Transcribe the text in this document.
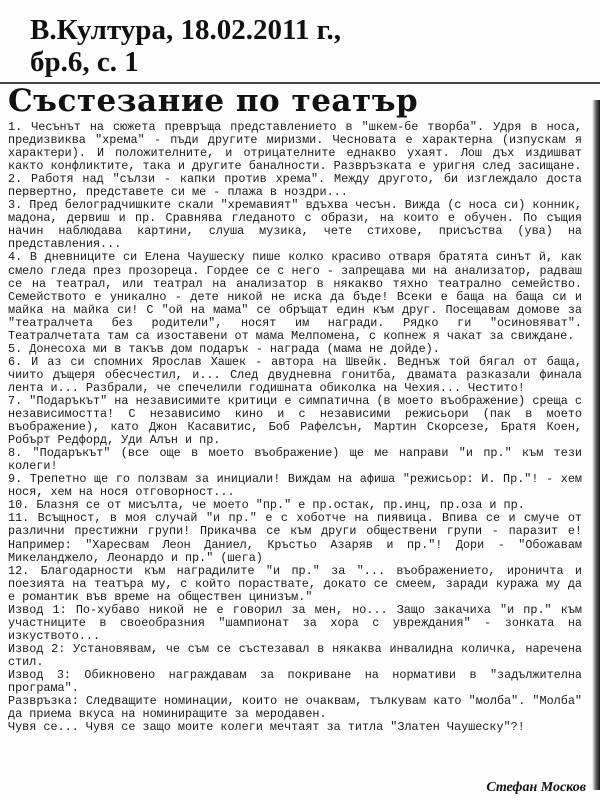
В.Култура, 18.02.2011 г.,
бр.6, с. 1
Състезание по театър

1. Чесънът на сюжета превръща представлението в "шкем-бе творба". Удря в носа, предизвиква "хрема" - пъди другите миризми. Чесновата е характерна (изпускам я характери). И положителните, и отрицателните еднакво ухаят. Лош дъх издишват както конфликтите, така и другите баналности. Развръзката е уригня след засищане.

2. Работя над "сълзи - капки против хрема". Между другото, би изглеждало доста первертно, представете си ме - плажа в ноздри...

3. Пред белоградчишките скали "хремавият" вдъхва чесън. Вижда (с носа си) конник, мадона, дервиш и пр. Сравнява гледаното с образи, на които е обучен. По същия начин наблюдава картини, слуша музика, чете стихове, присъства (ува) на представления...

4. В дневниците си Елена Чаушеску пише колко красиво отваря братята синът й, как смело гледа през прозореца. Гордее се с него - запрещава ми на анализатор, радваш се на театрал, или театрал на анализатор в някакво тяхно театрално семейство. Семейството е уникално - дете никой не иска да бъде! Всеки е баща на баща си и майка на майка си! С "ой на мама" се обръщат един към друг. Посещавам домове за "театралчета без родители", носят им награди. Рядко ги "осиновяват". Театралчетата там са изоставени от мама Мелпомена, с копнеж я чакат за свиждане.

5. Донесоха ми в такъв дом подарък - награда (мама не дойде).

6. И аз си спомних Ярослав Хашек - автора на Швейк. Веднъж той бягал от баща, чиито дъщеря обесчестил, и... След двудневна гонитба, двамата разказали финала лента и... Разбрали, че спечелили годишната обиколка на Чехия... Честито!

7. "Подаръкът" на независимите критици е симпатична (в моето въображение) среща с независимостта! С независимо кино и с независими режисьори (пак в моето въображение), като Джон Касавитис, Боб Рафелсън, Мартин Скорсезе, Братя Коен, Робърт Редфорд, Уди Алън и пр.

8. "Подаръкът" (все още в моето въображение) ще ме направи "и пр." към тези колеги!

9. Трепетно ще го ползвам за инициали! Виждам на афиша "режисьор: И. Пр."! - хем нося, хем на нося отговорност...

10. Блазня се от мисълта, че моето "пр." е пр.остак, пр.инц, пр.оза и пр.

11. Всъщност, в моя случай "и пр." е с хоботче на пиявица. Впива се и смуче от различни престижни групи! Прикачва се към други обществени групи - паразит е! Например: "Харесвам Леон Даниел, Кръстьо Азаряв и пр."! Дори - "Обожавам Микеланджело, Леонардо и пр." (шега)

12. Благодарности към наградилите "и пр." за "... въображението, ироничта и поезията на театъра му, с който пораствате, докато се смеем, заради куража му да е романтик във време на обществен цинизъм."

Извод 1: По-хубаво никой не е говорил за мен, но... Защо закачиха "и пр." към участниците в своеобразния "шампионат за хора с увреждания" - зонката на изкуството...

Извод 2: Установявам, че съм се състезавал в някаква инвалидна количка, наречена стил.

Извод 3: Обикновено награждавам за покриване на нормативи в "задължителна програма".

Развръзка: Следващите номинации, които не очаквам, тълкувам като "молба". "Молба" да приема вкуса на номиниращите за меродавен.

Чувя се... Чувя се защо моите колеги мечтаят за титла "Златен Чаушеску"?!

Стефан Москов
